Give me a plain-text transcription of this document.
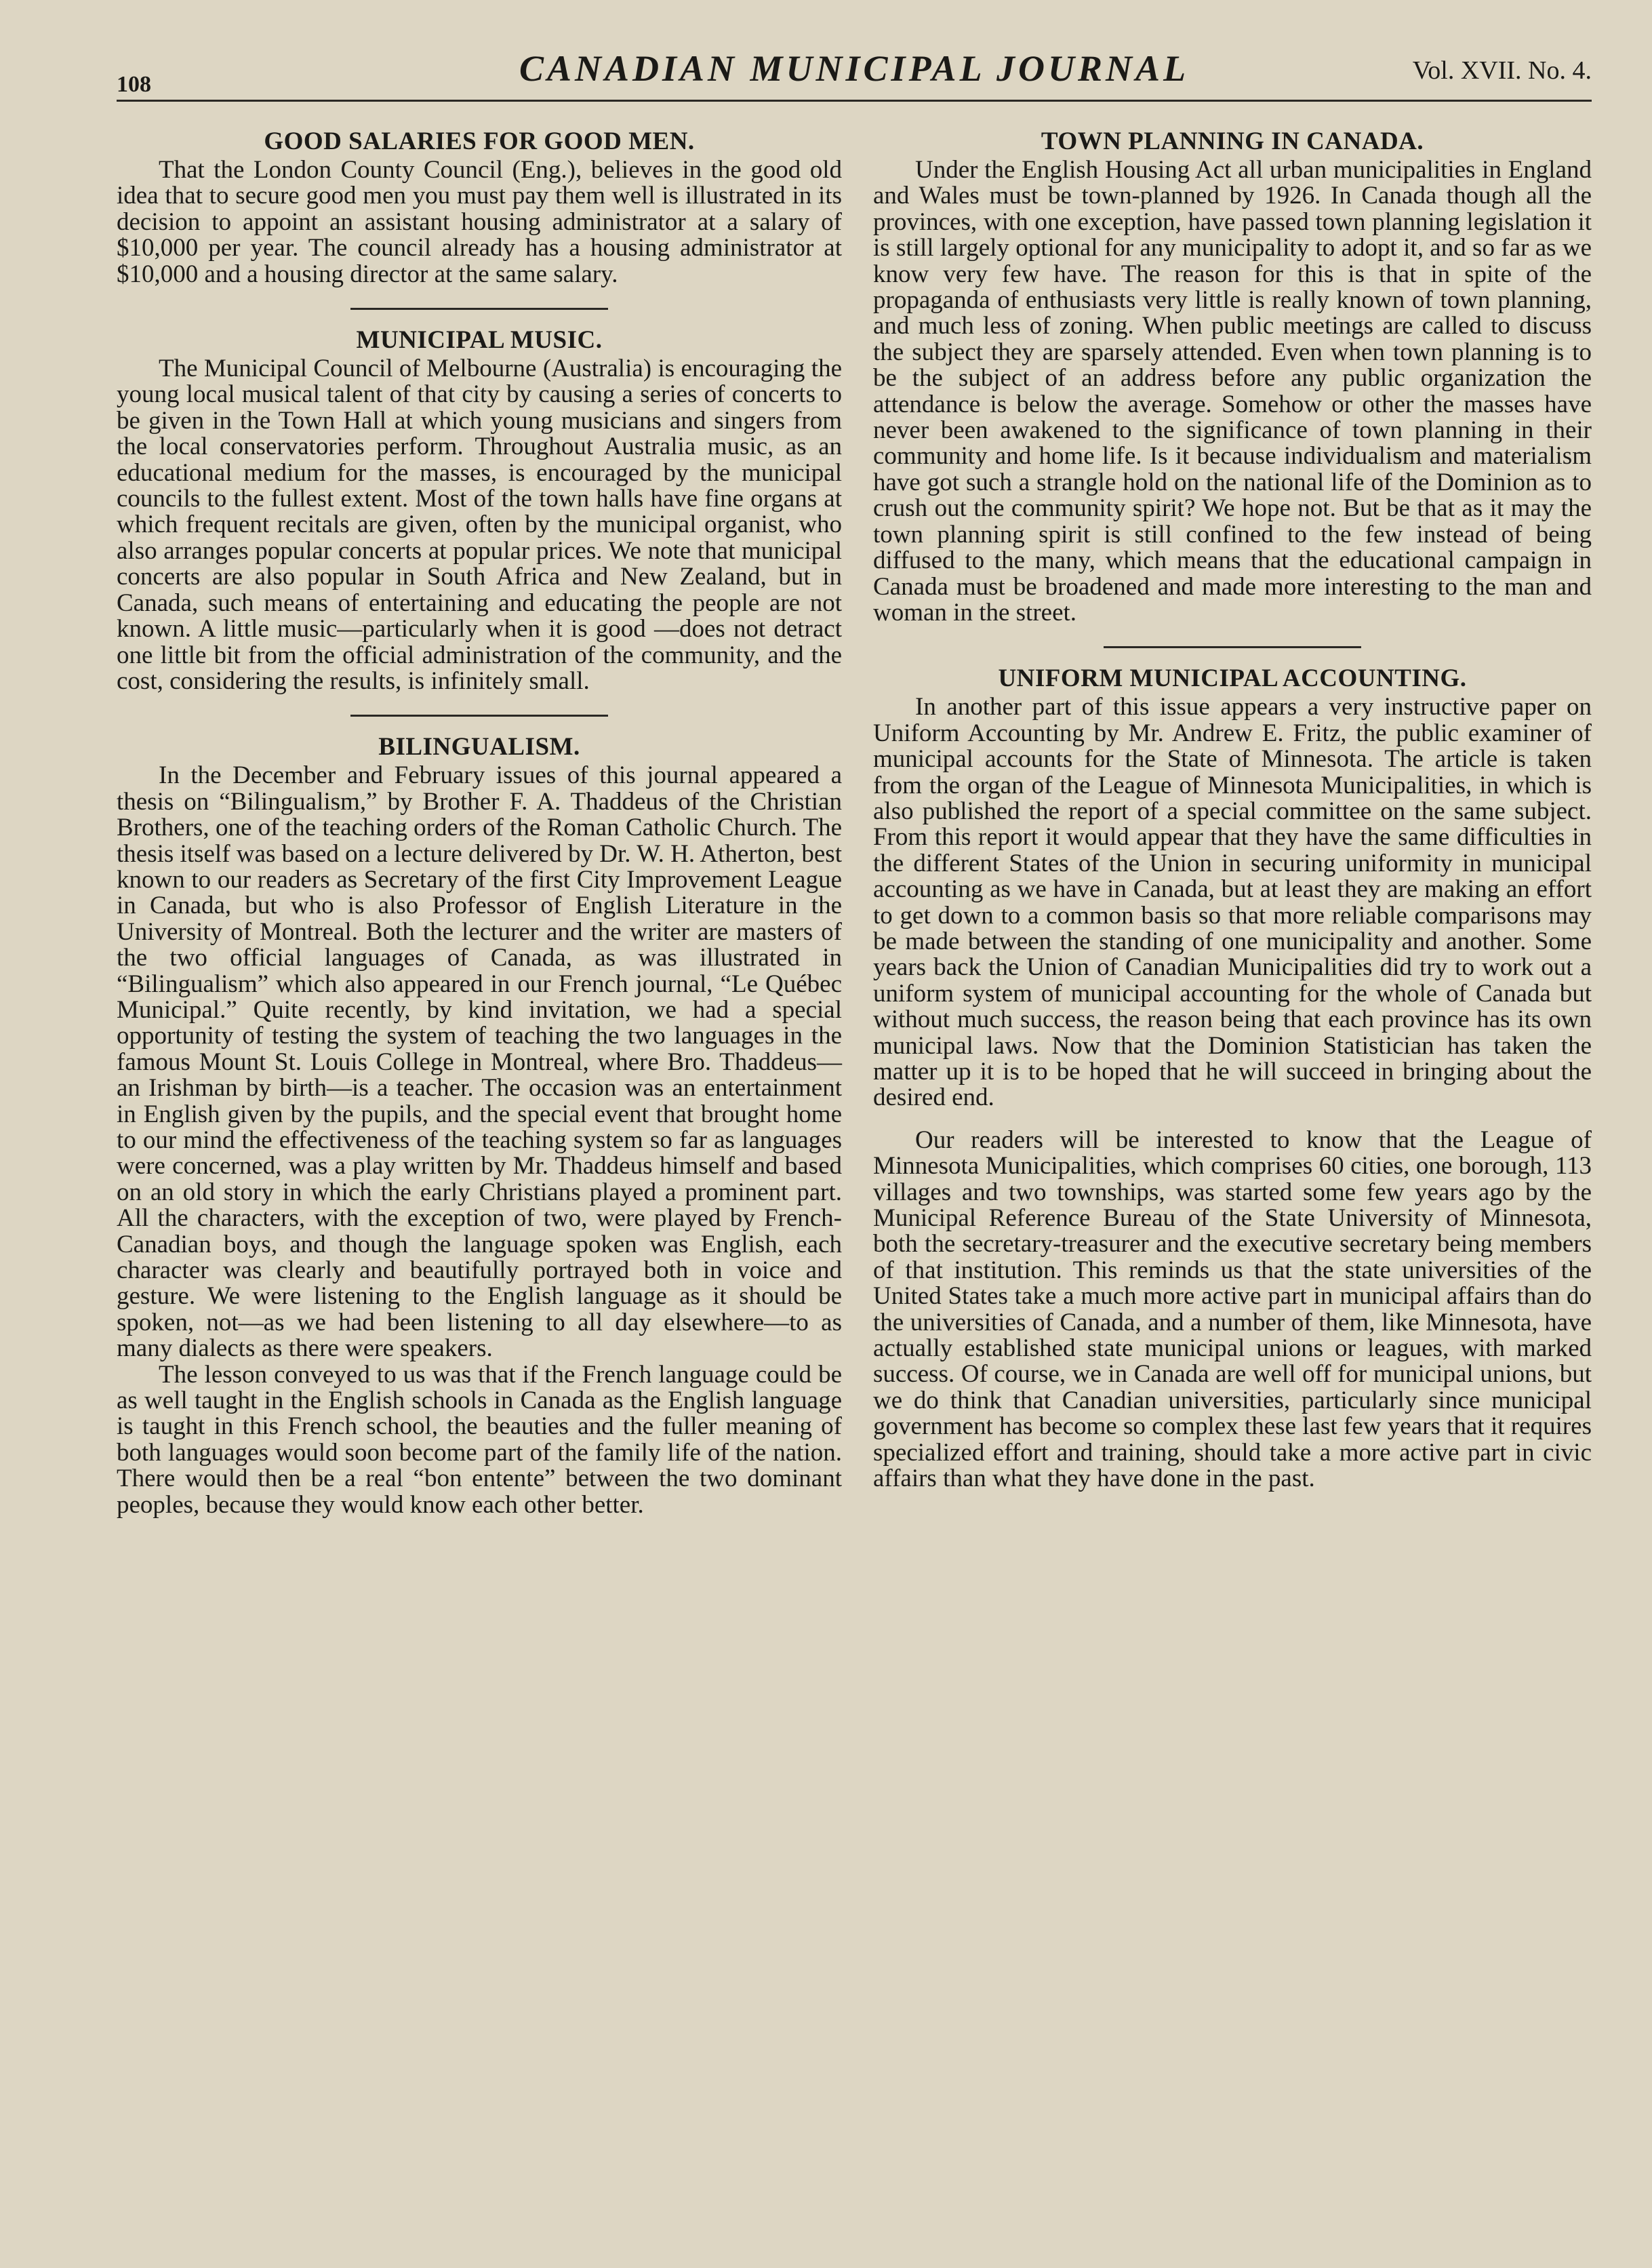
108	CANADIAN MUNICIPAL JOURNAL	Vol. XVII. No. 4.
GOOD SALARIES FOR GOOD MEN.

That the London County Council (Eng.), believes in the good old idea that to secure good men you must pay them well is illustrated in its decision to appoint an assistant housing administrator at a salary of $10,000 per year. The council already has a housing administrator at $10,000 and a housing director at the same salary.

MUNICIPAL MUSIC.

The Municipal Council of Melbourne (Australia) is encouraging the young local musical talent of that city by causing a series of concerts to be given in the Town Hall at which young musicians and singers from the local conservatories perform. Throughout Australia music, as an educational medium for the masses, is encouraged by the municipal councils to the fullest extent. Most of the town halls have fine organs at which frequent recitals are given, often by the municipal organist, who also arranges popular concerts at popular prices. We note that municipal concerts are also popular in South Africa and New Zealand, but in Canada, such means of entertaining and educating the people are not known. A little music—particularly when it is good —does not detract one little bit from the official administration of the community, and the cost, considering the results, is infinitely small.

BILINGUALISM.

In the December and February issues of this journal appeared a thesis on “Bilingualism,” by Brother F. A. Thaddeus of the Christian Brothers, one of the teaching orders of the Roman Catholic Church. The thesis itself was based on a lecture delivered by Dr. W. H. Atherton, best known to our readers as Secretary of the first City Improvement League in Canada, but who is also Professor of English Literature in the University of Montreal. Both the lecturer and the writer are masters of the two official languages of Canada, as was illustrated in “Bilingualism” which also appeared in our French journal, “Le Québec Municipal.” Quite recently, by kind invitation, we had a special opportunity of testing the system of teaching the two languages in the famous Mount St. Louis College in Montreal, where Bro. Thaddeus—an Irishman by birth—is a teacher. The occasion was an entertainment in English given by the pupils, and the special event that brought home to our mind the effectiveness of the teaching system so far as languages were concerned, was a play written by Mr. Thaddeus himself and based on an old story in which the early Christians played a prominent part. All the characters, with the exception of two, were played by French-Canadian boys, and though the language spoken was English, each character was clearly and beautifully portrayed both in voice and gesture. We were listening to the English language as it should be spoken, not—as we had been listening to all day elsewhere—to as many dialects as there were speakers.

The lesson conveyed to us was that if the French language could be as well taught in the English schools in Canada as the English language is taught in this French school, the beauties and the fuller meaning of both languages would soon become part of the family life of the nation. There would then be a real “bon entente” between the two dominant peoples, because they would know each other better.

TOWN PLANNING IN CANADA.

Under the English Housing Act all urban municipalities in England and Wales must be town-planned by 1926. In Canada though all the provinces, with one exception, have passed town planning legislation it is still largely optional for any municipality to adopt it, and so far as we know very few have. The reason for this is that in spite of the propaganda of enthusiasts very little is really known of town planning, and much less of zoning. When public meetings are called to discuss the subject they are sparsely attended. Even when town planning is to be the subject of an address before any public organization the attendance is below the average. Somehow or other the masses have never been awakened to the significance of town planning in their community and home life. Is it because individualism and materialism have got such a strangle hold on the national life of the Dominion as to crush out the community spirit? We hope not. But be that as it may the town planning spirit is still confined to the few instead of being diffused to the many, which means that the educational campaign in Canada must be broadened and made more interesting to the man and woman in the street.

UNIFORM MUNICIPAL ACCOUNTING.

In another part of this issue appears a very instructive paper on Uniform Accounting by Mr. Andrew E. Fritz, the public examiner of municipal accounts for the State of Minnesota. The article is taken from the organ of the League of Minnesota Municipalities, in which is also published the report of a special committee on the same subject. From this report it would appear that they have the same difficulties in the different States of the Union in securing uniformity in municipal accounting as we have in Canada, but at least they are making an effort to get down to a common basis so that more reliable comparisons may be made between the standing of one municipality and another. Some years back the Union of Canadian Municipalities did try to work out a uniform system of municipal accounting for the whole of Canada but without much success, the reason being that each province has its own municipal laws. Now that the Dominion Statistician has taken the matter up it is to be hoped that he will succeed in bringing about the desired end.

Our readers will be interested to know that the League of Minnesota Municipalities, which comprises 60 cities, one borough, 113 villages and two townships, was started some few years ago by the Municipal Reference Bureau of the State University of Minnesota, both the secretary-treasurer and the executive secretary being members of that institution. This reminds us that the state universities of the United States take a much more active part in municipal affairs than do the universities of Canada, and a number of them, like Minnesota, have actually established state municipal unions or leagues, with marked success. Of course, we in Canada are well off for municipal unions, but we do think that Canadian universities, particularly since municipal government has become so complex these last few years that it requires specialized effort and training, should take a more active part in civic affairs than what they have done in the past.
